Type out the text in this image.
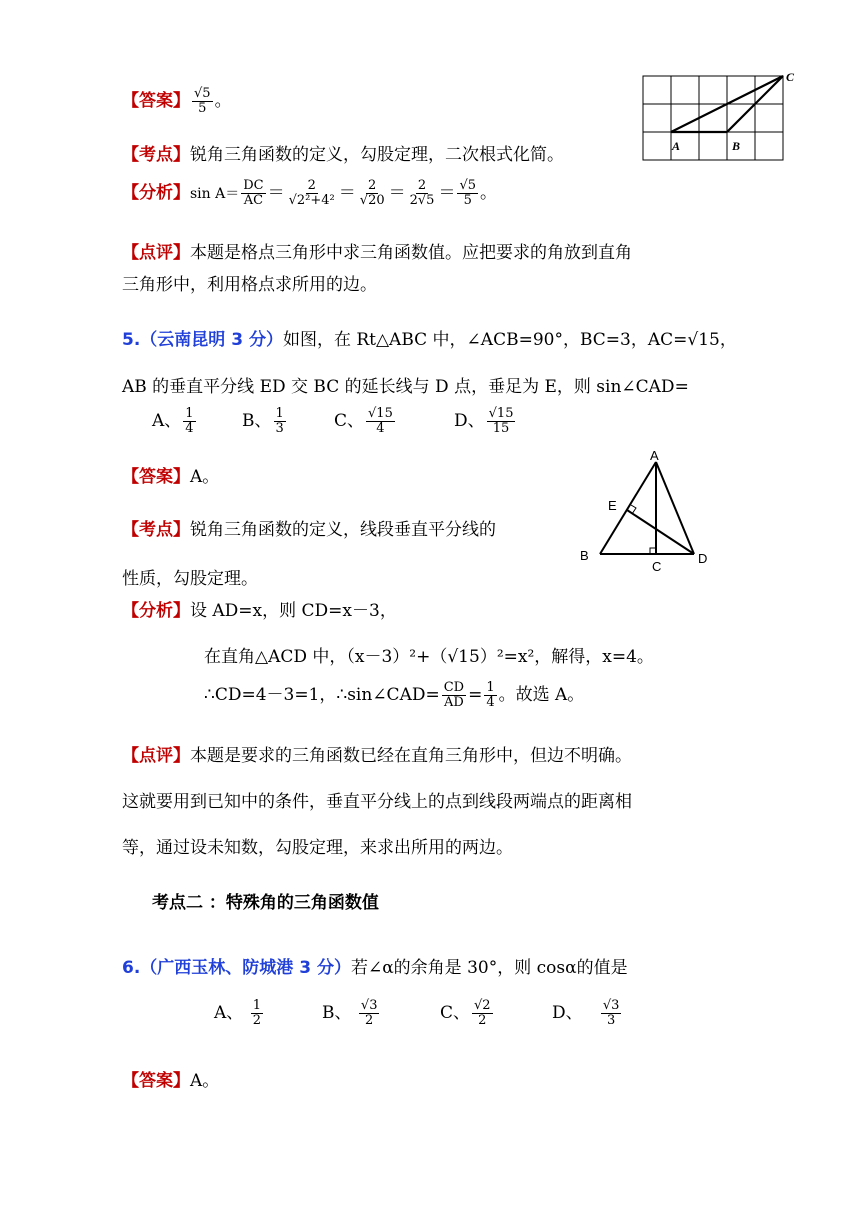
【答案】 $\frac{√5}{5}$ 。
【考点】锐角三角函数的定义，勾股定理，二次根式化简。
【分析】$\sin A= \frac{DC}{AC} = \frac{2}{\text{√2²+4²}} = \frac{2}{√20} = \frac{2}{2√5} = \frac{√5}{5}$ 。
【点评】本题是格点三角形中求三角函数值。应把要求的角放到直角
三角形中，利用格点求所用的边。
A	B
C
5.（云南昆明 3 分）如图，在 Rt△ABC 中，∠ACB=90°，BC=3，AC=√15，
AB 的垂直平分线 ED 交 BC 的延长线与 D 点，垂足为 E，则 sin∠CAD=
A、 $\frac{1}{4}$	B、 $\frac{1}{3}$	C、 $\frac{√15}{4}$	D、 $\frac{√15}{15}$
【答案】A。
【考点】锐角三角函数的定义，线段垂直平分线的
性质，勾股定理。
A
B
C
D
E
【分析】设 AD=x，则 CD=x－3，
在直角△ACD 中，（x－3）²+（√15）²=x²，解得，x=4。
∴CD=4－3=1，∴sin∠CAD= $\frac{CD}{AD} = \frac{1}{4}$ 。故选 A。
【点评】本题是要求的三角函数已经在直角三角形中，但边不明确。
这就要用到已知中的条件，垂直平分线上的点到线段两端点的距离相
等，通过设未知数，勾股定理，来求出所用的两边。
考点二 ：特殊角的三角函数值
6.（广西玉林、防城港 3 分）若∠α的余角是 30°，则 cosα的值是
A、 $\frac{1}{2}$	B、 $\frac{√3}{2}$	C、 $\frac{√2}{2}$	D、 $\frac{√3}{3}$
【答案】A。
